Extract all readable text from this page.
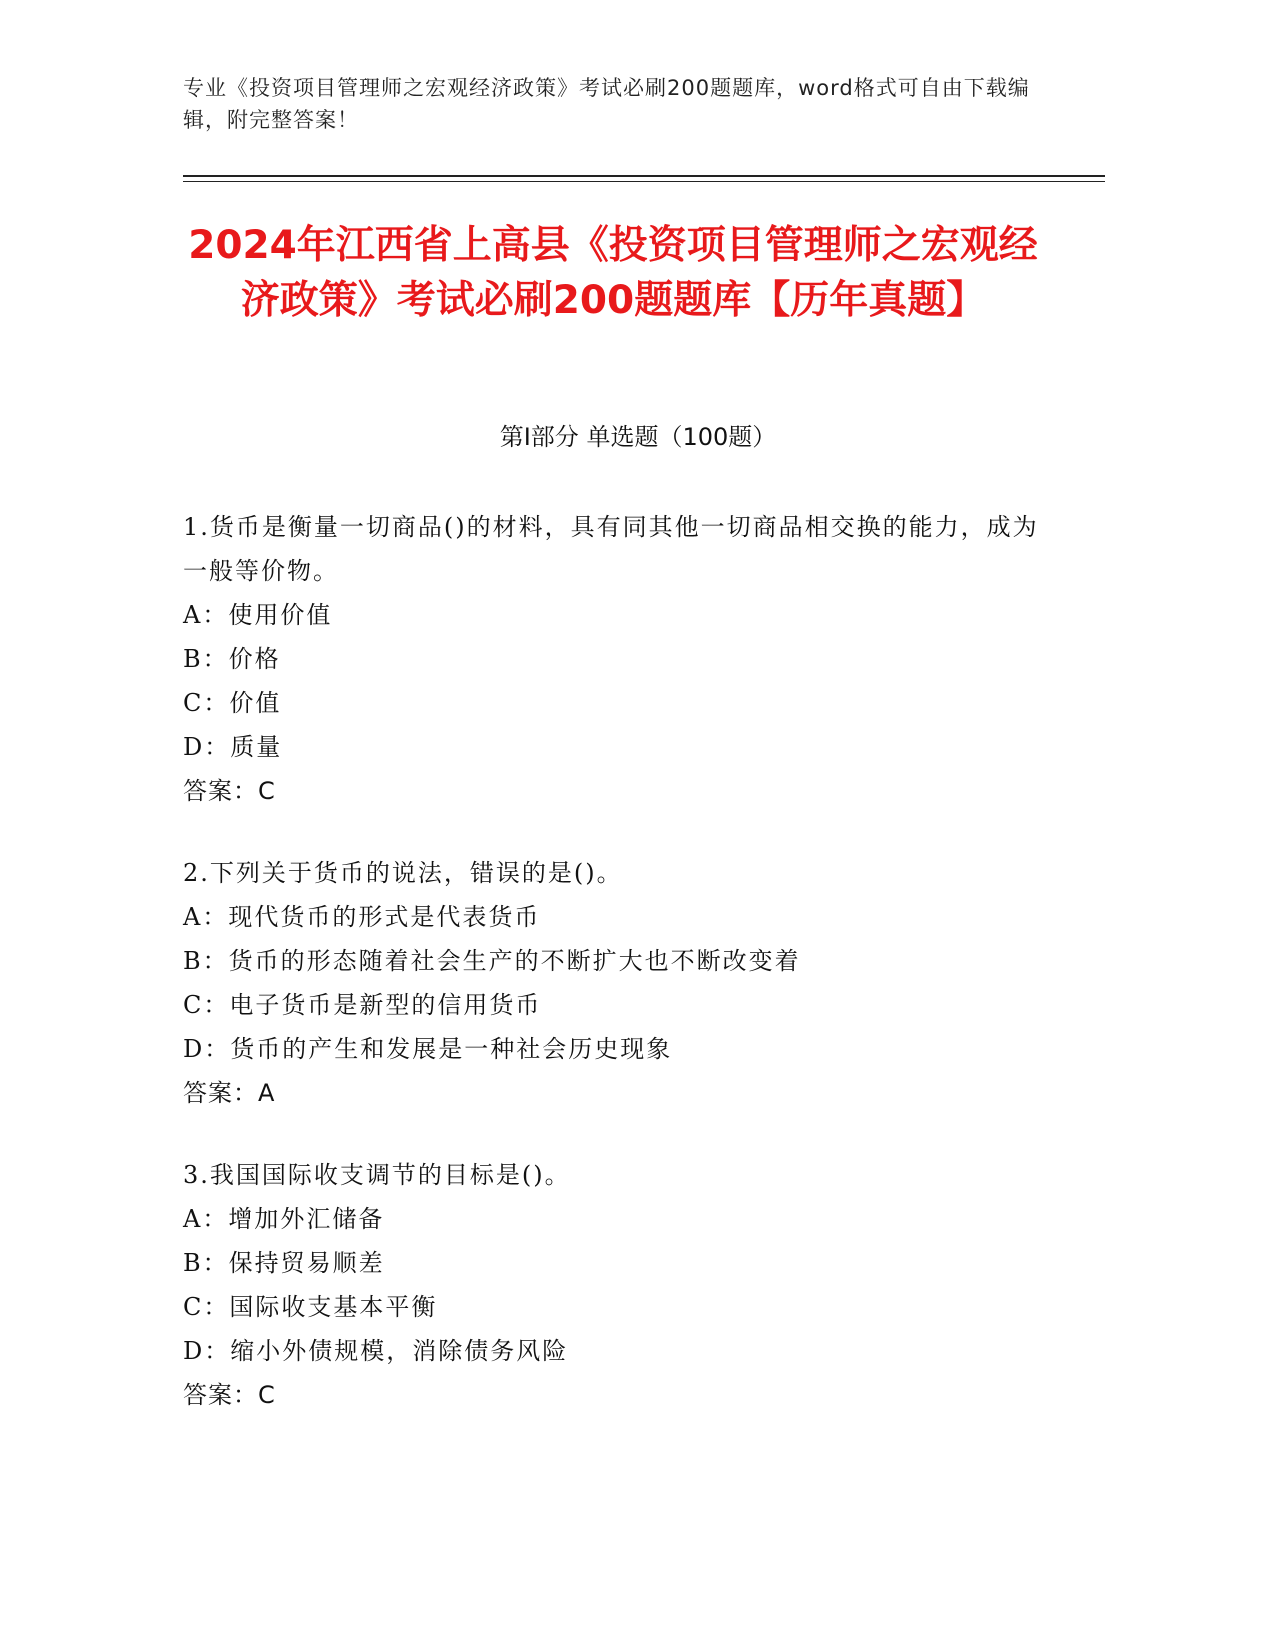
专业《投资项目管理师之宏观经济政策》考试必刷200题题库，word格式可自由下载编辑，附完整答案！
2024年江西省上高县《投资项目管理师之宏观经济政策》考试必刷200题题库【历年真题】
第I部分 单选题（100题）
1.货币是衡量一切商品()的材料，具有同其他一切商品相交换的能力，成为一般等价物。
A：使用价值
B：价格
C：价值
D：质量
答案：C
2.下列关于货币的说法，错误的是()。
A：现代货币的形式是代表货币
B：货币的形态随着社会生产的不断扩大也不断改变着
C：电子货币是新型的信用货币
D：货币的产生和发展是一种社会历史现象
答案：A
3.我国国际收支调节的目标是()。
A：增加外汇储备
B：保持贸易顺差
C：国际收支基本平衡
D：缩小外债规模，消除债务风险
答案：C
